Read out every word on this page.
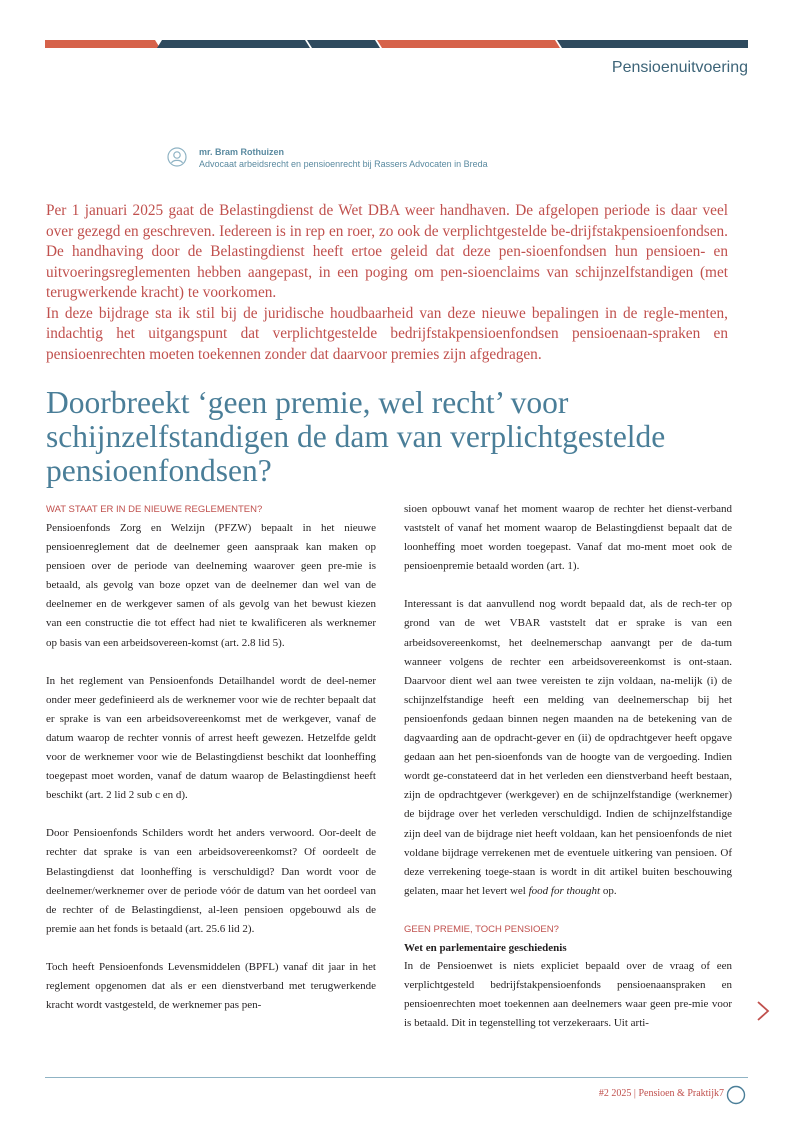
Pensioenuitvoering
mr. Bram Rothuizen
Advocaat arbeidsrecht en pensioenrecht bij Rassers Advocaten in Breda

Per 1 januari 2025 gaat de Belastingdienst de Wet DBA weer handhaven. De afgelopen periode is daar veel over gezegd en geschreven. Iedereen is in rep en roer, zo ook de verplichtgestelde be-drijfstakpensioenfondsen. De handhaving door de Belastingdienst heeft ertoe geleid dat deze pen-sioenfondsen hun pensioen- en uitvoeringsreglementen hebben aangepast, in een poging om pen-sioenclaims van schijnzelfstandigen (met terugwerkende kracht) te voorkomen.

In deze bijdrage sta ik stil bij de juridische houdbaarheid van deze nieuwe bepalingen in de regle-menten, indachtig het uitgangspunt dat verplichtgestelde bedrijfstakpensioenfondsen pensioenaan-spraken en pensioenrechten moeten toekennen zonder dat daarvoor premies zijn afgedragen.

Doorbreekt ‘geen premie, wel recht’ voor schijnzelfstandigen de dam van verplichtgestelde pensioenfondsen?
WAT STAAT ER IN DE NIEUWE REGLEMENTEN?

Pensioenfonds Zorg en Welzijn (PFZW) bepaalt in het nieuwe pensioenreglement dat de deelnemer geen aanspraak kan maken op pensioen over de periode van deelneming waarover geen pre-mie is betaald, als gevolg van boze opzet van de deelnemer dan wel van de deelnemer en de werkgever samen of als gevolg van het bewust kiezen van een constructie die tot effect had niet te kwalificeren als werknemer op basis van een arbeidsovereen-komst (art. 2.8 lid 5).

In het reglement van Pensioenfonds Detailhandel wordt de deel-nemer onder meer gedefinieerd als de werknemer voor wie de rechter bepaalt dat er sprake is van een arbeidsovereenkomst met de werkgever, vanaf de datum waarop de rechter vonnis of arrest heeft gewezen. Hetzelfde geldt voor de werknemer voor wie de Belastingdienst beschikt dat loonheffing toegepast moet worden, vanaf de datum waarop de Belastingdienst heeft beschikt (art. 2 lid 2 sub c en d).

Door Pensioenfonds Schilders wordt het anders verwoord. Oor-deelt de rechter dat sprake is van een arbeidsovereenkomst? Of oordeelt de Belastingdienst dat loonheffing is verschuldigd? Dan wordt voor de deelnemer/werknemer over de periode vóór de datum van het oordeel van de rechter of de Belastingdienst, al-leen pensioen opgebouwd als de premie aan het fonds is betaald (art. 25.6 lid 2).

Toch heeft Pensioenfonds Levensmiddelen (BPFL) vanaf dit jaar in het reglement opgenomen dat als er een dienstverband met terugwerkende kracht wordt vastgesteld, de werknemer pas pen-

sioen opbouwt vanaf het moment waarop de rechter het dienst-verband vaststelt of vanaf het moment waarop de Belastingdienst bepaalt dat de loonheffing moet worden toegepast. Vanaf dat mo-ment moet ook de pensioenpremie betaald worden (art. 1).

Interessant is dat aanvullend nog wordt bepaald dat, als de rech-ter op grond van de wet VBAR vaststelt dat er sprake is van een arbeidsovereenkomst, het deelnemerschap aanvangt per de da-tum wanneer volgens de rechter een arbeidsovereenkomst is ont-staan. Daarvoor dient wel aan twee vereisten te zijn voldaan, na-melijk (i) de schijnzelfstandige heeft een melding van deelnemerschap bij het pensioenfonds gedaan binnen negen maanden na de betekening van de dagvaarding aan de opdracht-gever en (ii) de opdrachtgever heeft opgave gedaan aan het pen-sioenfonds van de hoogte van de vergoeding. Indien wordt ge-constateerd dat in het verleden een dienstverband heeft bestaan, zijn de opdrachtgever (werkgever) en de schijnzelfstandige (werknemer) de bijdrage over het verleden verschuldigd. Indien de schijnzelfstandige zijn deel van de bijdrage niet heeft voldaan, kan het pensioenfonds de niet voldane bijdrage verrekenen met de eventuele uitkering van pensioen. Of deze verrekening toege-staan is wordt in dit artikel buiten beschouwing gelaten, maar het levert wel food for thought op.

GEEN PREMIE, TOCH PENSIOEN?
Wet en parlementaire geschiedenis

In de Pensioenwet is niets expliciet bepaald over de vraag of een verplichtgesteld bedrijfstakpensioenfonds pensioenaanspraken en pensioenrechten moet toekennen aan deelnemers waar geen pre-mie voor is betaald. Dit in tegenstelling tot verzekeraars. Uit arti-

#2 2025 | Pensioen & Praktijk7
